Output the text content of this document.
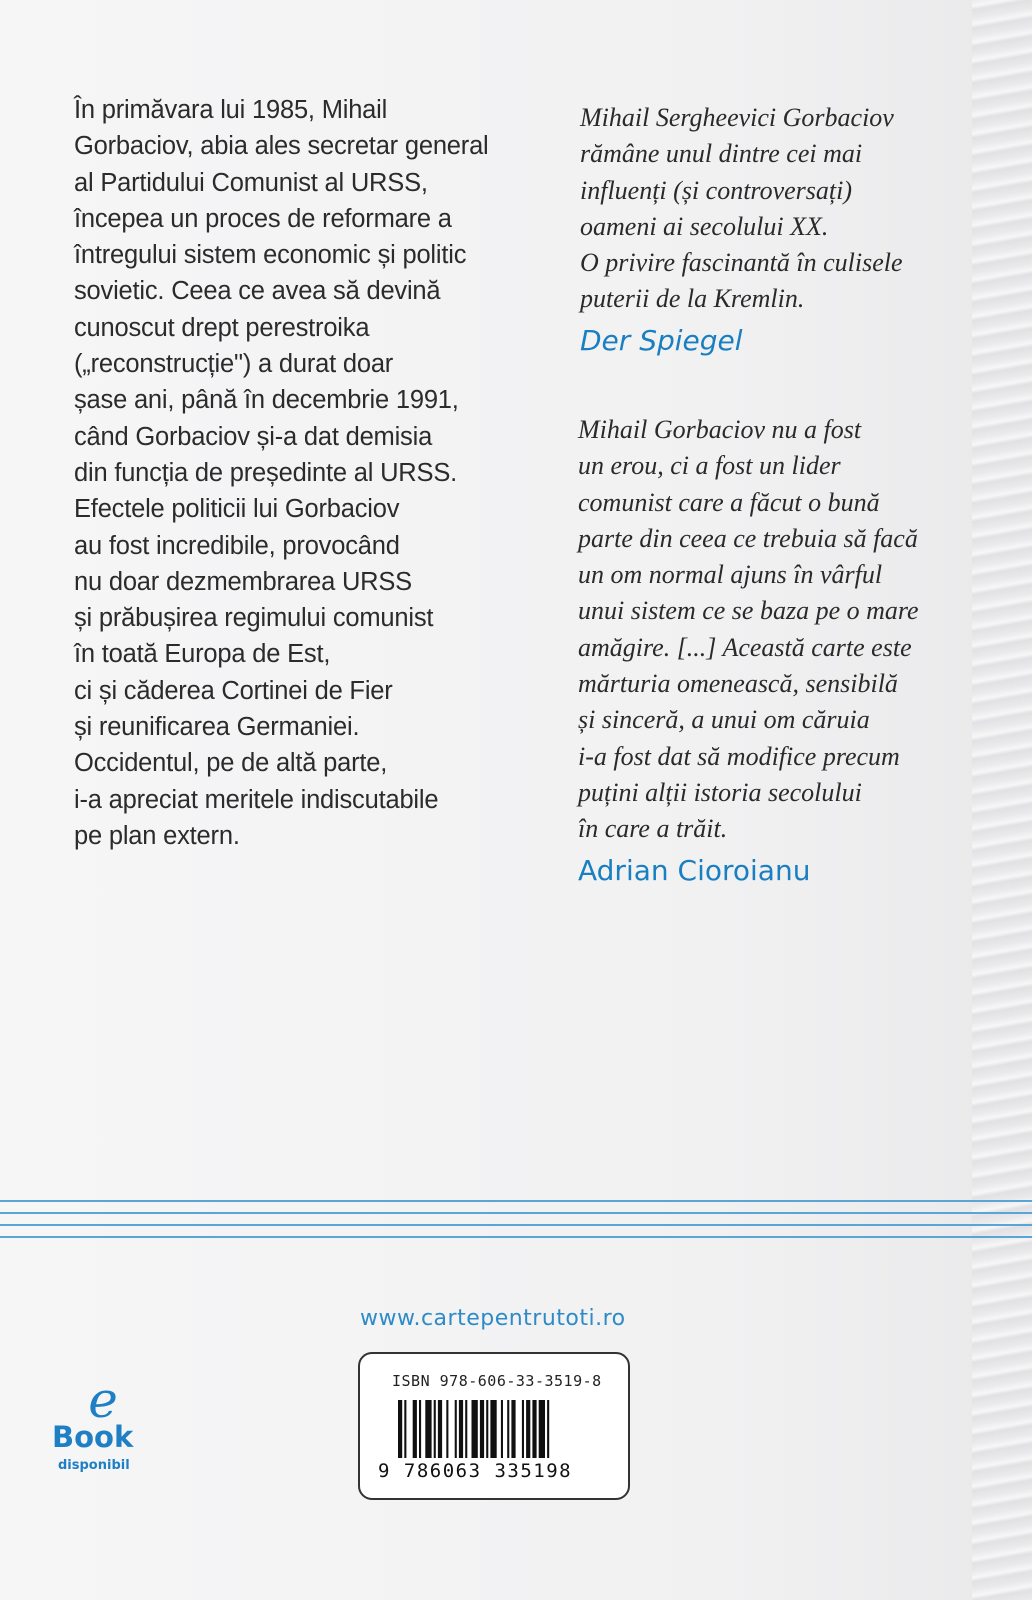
În primăvara lui 1985, Mihail
Gorbaciov, abia ales secretar general
al Partidului Comunist al URSS,
începea un proces de reformare a
întregului sistem economic și politic
sovietic. Ceea ce avea să devină
cunoscut drept perestroika
(„reconstrucție") a durat doar
șase ani, până în decembrie 1991,
când Gorbaciov și-a dat demisia
din funcția de președinte al URSS.
Efectele politicii lui Gorbaciov
au fost incredibile, provocând
nu doar dezmembrarea URSS
și prăbușirea regimului comunist
în toată Europa de Est,
ci și căderea Cortinei de Fier
și reunificarea Germaniei.
Occidentul, pe de altă parte,
i-a apreciat meritele indiscutabile
pe plan extern.
Mihail Sergheevici Gorbaciov
rămâne unul dintre cei mai
influenți (și controversați)
oameni ai secolului XX.
O privire fascinantă în culisele
puterii de la Kremlin.
Der Spiegel
Mihail Gorbaciov nu a fost
un erou, ci a fost un lider
comunist care a făcut o bună
parte din ceea ce trebuia să facă
un om normal ajuns în vârful
unui sistem ce se baza pe o mare
amăgire. [...] Această carte este
mărturia omenească, sensibilă
și sinceră, a unui om căruia
i-a fost dat să modifice precum
puțini alții istoria secolului
în care a trăit.
Adrian Cioroianu
www.cartepentrutoti.ro
ISBN 978-606-33-3519-8
9 786063 335198
e
Book
disponibil
